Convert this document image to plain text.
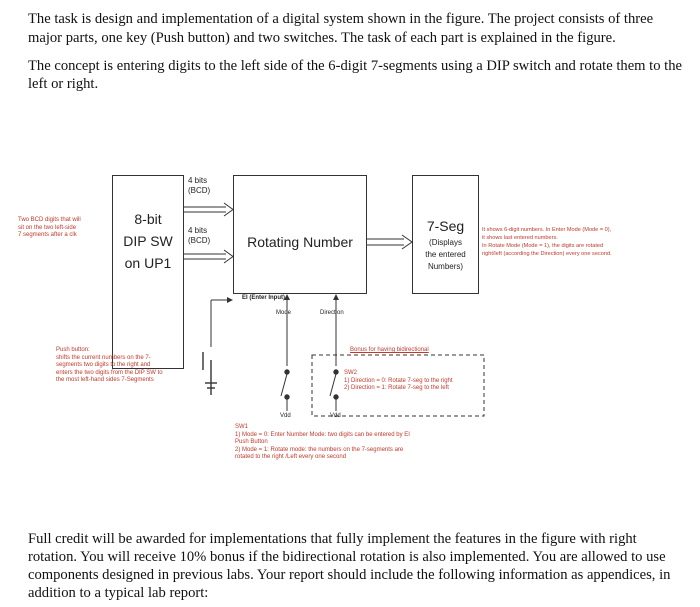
The task is design and implementation of a digital system shown in the figure. The project consists of three
major parts, one key (Push button) and two switches. The task of each part is explained in the figure.
The concept is entering digits to the left side of the 6-digit 7-segments using a DIP switch and rotate them to the
left or right.
Two BCD digits that will
sit on the two left-side
7 segments after a clk
8-bit
DIP SW
on UP1
4 bits
(BCD)
4 bits
(BCD)	Rotating Number
7-Seg
(Displays
the entered
Numbers)
It shows 6-digit numbers. In Enter Mode (Mode = 0),
it shows last entered numbers.
In Rotate Mode (Mode = 1), the digits are rotated
right/left (according the Direction) every one second.
EI (Enter Input)
Mode	Direction
Push button:
shifts the current numbers on the 7-
segments two digits to the right and
enters the two digits from the DIP SW to
the most left-hand sides 7-Segments
Bonus for having bidirectional
SW2
1) Direction = 0: Rotate 7-seg to the right
2) Direction = 1: Rotate 7-seg to the left
Vdd	Vdd
SW1
1) Mode = 0: Enter Number Mode: two digits can be entered by EI
Push Button
2) Mode = 1: Rotate mode: the numbers on the 7-segments are
rotated to the right /Left every one second
Full credit will be awarded for implementations that fully implement the features in the figure with right
rotation. You will receive 10% bonus if the bidirectional rotation is also implemented. You are allowed to use
components designed in previous labs. Your report should include the following information as appendices, in
addition to a typical lab report:
